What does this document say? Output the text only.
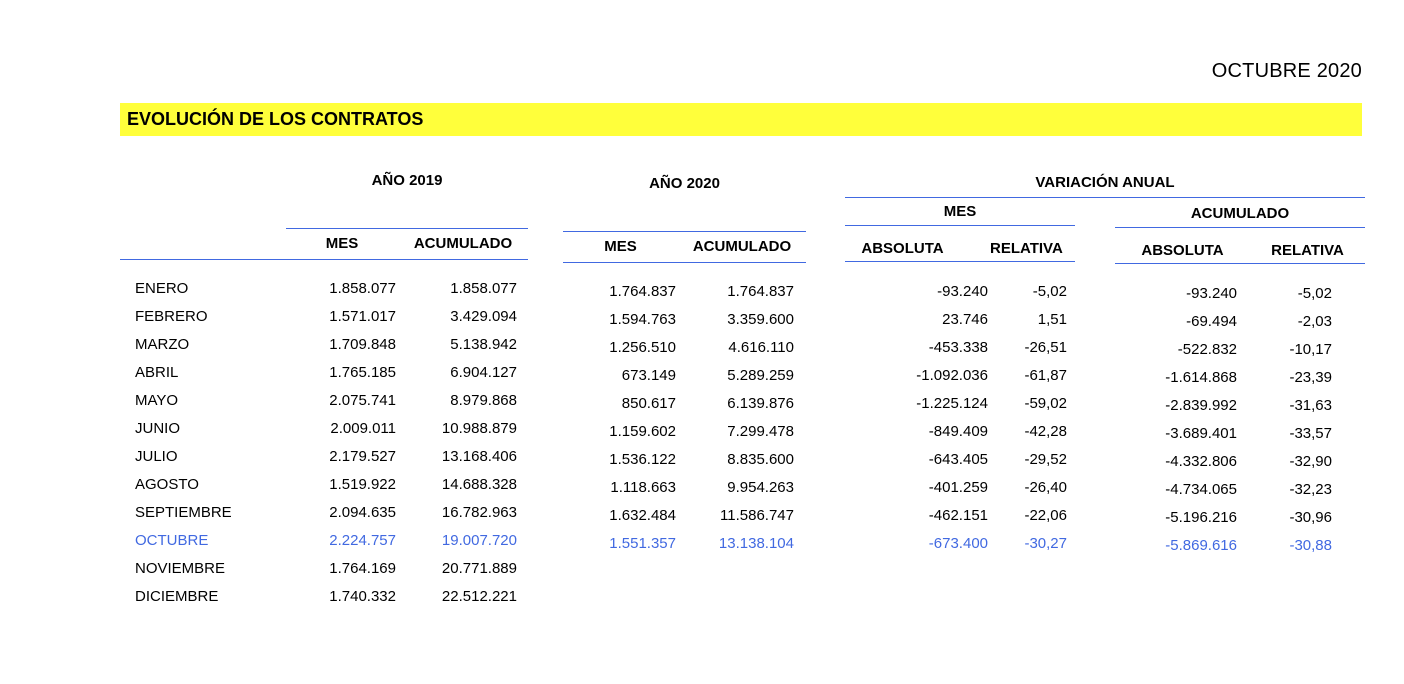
OCTUBRE 2020
EVOLUCIÓN DE LOS CONTRATOS
AÑO 2019
MES	ACUMULADO
ENERO	1.858.077	1.858.077
FEBRERO	1.571.017	3.429.094
MARZO	1.709.848	5.138.942
ABRIL	1.765.185	6.904.127
MAYO	2.075.741	8.979.868
JUNIO	2.009.011	10.988.879
JULIO	2.179.527	13.168.406
AGOSTO	1.519.922	14.688.328
SEPTIEMBRE	2.094.635	16.782.963
OCTUBRE	2.224.757	19.007.720
NOVIEMBRE	1.764.169	20.771.889
DICIEMBRE	1.740.332	22.512.221
AÑO 2020
MES	ACUMULADO
1.764.837	1.764.837
1.594.763	3.359.600
1.256.510	4.616.110
673.149	5.289.259
850.617	6.139.876
1.159.602	7.299.478
1.536.122	8.835.600
1.118.663	9.954.263
1.632.484	11.586.747
1.551.357	13.138.104
VARIACIÓN ANUAL
MES
ABSOLUTA	RELATIVA
-93.240	-5,02
23.746	1,51
-453.338	-26,51
-1.092.036	-61,87
-1.225.124	-59,02
-849.409	-42,28
-643.405	-29,52
-401.259	-26,40
-462.151	-22,06
-673.400	-30,27
ACUMULADO
ABSOLUTA	RELATIVA
-93.240	-5,02
-69.494	-2,03
-522.832	-10,17
-1.614.868	-23,39
-2.839.992	-31,63
-3.689.401	-33,57
-4.332.806	-32,90
-4.734.065	-32,23
-5.196.216	-30,96
-5.869.616	-30,88
